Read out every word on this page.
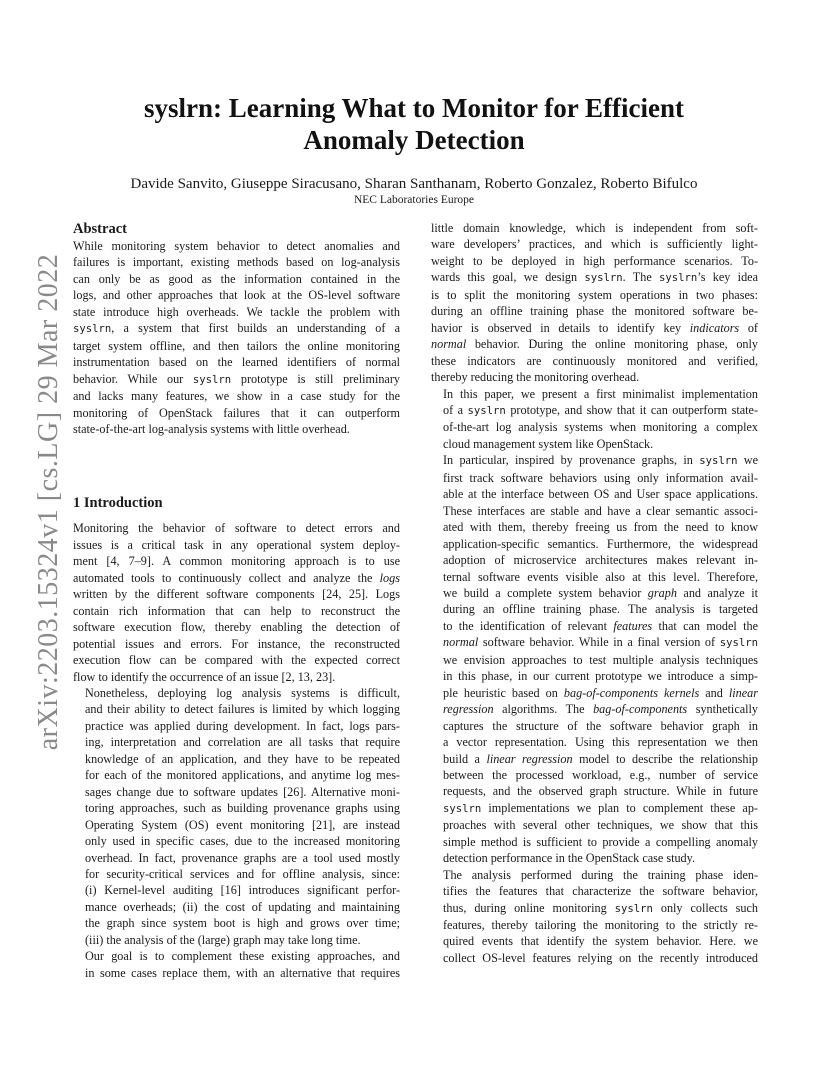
arXiv:2203.15324v1 [cs.LG] 29 Mar 2022
syslrn: Learning What to Monitor for Efficient
Anomaly Detection
Davide Sanvito, Giuseppe Siracusano, Sharan Santhanam, Roberto Gonzalez, Roberto Bifulco
NEC Laboratories Europe
Abstract

While monitoring system behavior to detect anomalies and
failures is important, existing methods based on log-analysis
can only be as good as the information contained in the
logs, and other approaches that look at the OS-level software
state introduce high overheads. We tackle the problem with
syslrn, a system that first builds an understanding of a
target system offline, and then tailors the online monitoring
instrumentation based on the learned identifiers of normal
behavior. While our syslrn prototype is still preliminary
and lacks many features, we show in a case study for the
monitoring of OpenStack failures that it can outperform
state-of-the-art log-analysis systems with little overhead.

1 Introduction

Monitoring the behavior of software to detect errors and
issues is a critical task in any operational system deploy-
ment [4, 7–9]. A common monitoring approach is to use
automated tools to continuously collect and analyze the logs
written by the different software components [24, 25]. Logs
contain rich information that can help to reconstruct the
software execution flow, thereby enabling the detection of
potential issues and errors. For instance, the reconstructed
execution flow can be compared with the expected correct
flow to identify the occurrence of an issue [2, 13, 23].

Nonetheless, deploying log analysis systems is difficult,
and their ability to detect failures is limited by which logging
practice was applied during development. In fact, logs pars-
ing, interpretation and correlation are all tasks that require
knowledge of an application, and they have to be repeated
for each of the monitored applications, and anytime log mes-
sages change due to software updates [26]. Alternative moni-
toring approaches, such as building provenance graphs using
Operating System (OS) event monitoring [21], are instead
only used in specific cases, due to the increased monitoring
overhead. In fact, provenance graphs are a tool used mostly
for security-critical services and for offline analysis, since:
(i) Kernel-level auditing [16] introduces significant perfor-
mance overheads; (ii) the cost of updating and maintaining
the graph since system boot is high and grows over time;
(iii) the analysis of the (large) graph may take long time.

Our goal is to complement these existing approaches, and
in some cases replace them, with an alternative that requires

little domain knowledge, which is independent from soft-
ware developers’ practices, and which is sufficiently light-
weight to be deployed in high performance scenarios. To-
wards this goal, we design syslrn. The syslrn’s key idea
is to split the monitoring system operations in two phases:
during an offline training phase the monitored software be-
havior is observed in details to identify key indicators of
normal behavior. During the online monitoring phase, only
these indicators are continuously monitored and verified,
thereby reducing the monitoring overhead.

In this paper, we present a first minimalist implementation
of a syslrn prototype, and show that it can outperform state-
of-the-art log analysis systems when monitoring a complex
cloud management system like OpenStack.

In particular, inspired by provenance graphs, in syslrn we
first track software behaviors using only information avail-
able at the interface between OS and User space applications.
These interfaces are stable and have a clear semantic associ-
ated with them, thereby freeing us from the need to know
application-specific semantics. Furthermore, the widespread
adoption of microservice architectures makes relevant in-
ternal software events visible also at this level. Therefore,
we build a complete system behavior graph and analyze it
during an offline training phase. The analysis is targeted
to the identification of relevant features that can model the
normal software behavior. While in a final version of syslrn
we envision approaches to test multiple analysis techniques
in this phase, in our current prototype we introduce a simp-
ple heuristic based on bag-of-components kernels and linear
regression algorithms. The bag-of-components synthetically
captures the structure of the software behavior graph in
a vector representation. Using this representation we then
build a linear regression model to describe the relationship
between the processed workload, e.g., number of service
requests, and the observed graph structure. While in future
syslrn implementations we plan to complement these ap-
proaches with several other techniques, we show that this
simple method is sufficient to provide a compelling anomaly
detection performance in the OpenStack case study.

The analysis performed during the training phase iden-
tifies the features that characterize the software behavior,
thus, during online monitoring syslrn only collects such
features, thereby tailoring the monitoring to the strictly re-
quired events that identify the system behavior. Here. we
collect OS-level features relying on the recently introduced
